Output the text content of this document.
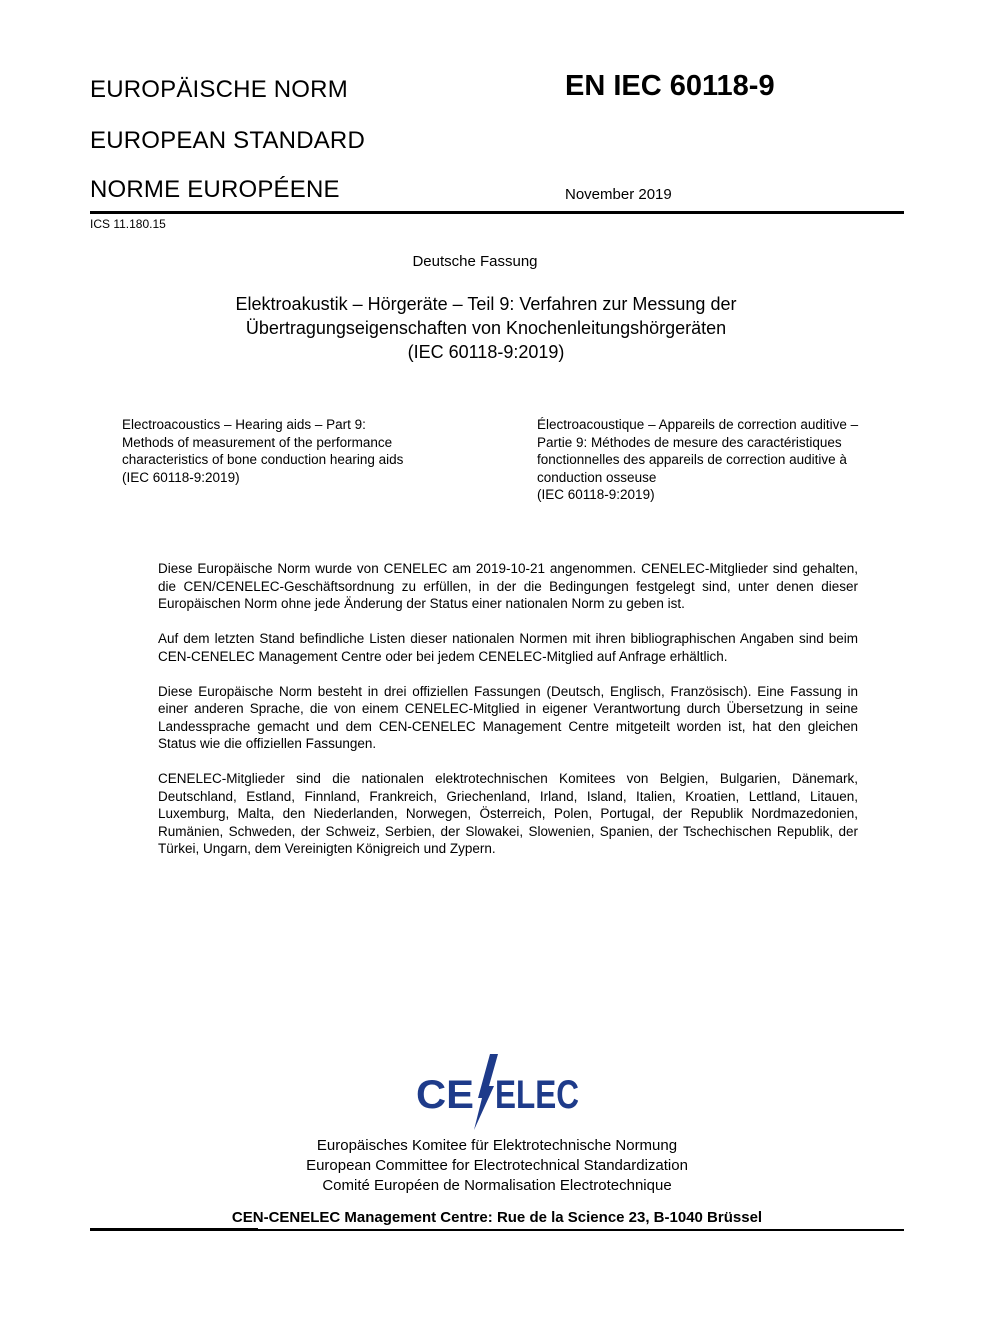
EUROPÄISCHE NORM
EUROPEAN STANDARD
NORME EUROPÉENE
EN IEC 60118-9
November 2019
ICS 11.180.15
Deutsche Fassung
Elektroakustik – Hörgeräte – Teil 9: Verfahren zur Messung der
Übertragungseigenschaften von Knochenleitungshörgeräten
(IEC 60118-9:2019)
Electroacoustics – Hearing aids – Part 9:
Methods of measurement of the performance
characteristics of bone conduction hearing aids
(IEC 60118-9:2019)
Électroacoustique – Appareils de correction auditive –
Partie 9: Méthodes de mesure des caractéristiques
fonctionnelles des appareils de correction auditive à
conduction osseuse
(IEC 60118-9:2019)

Diese Europäische Norm wurde von CENELEC am 2019-10-21 angenommen. CENELEC-Mitglieder sind gehalten, die CEN/CENELEC-Geschäftsordnung zu erfüllen, in der die Bedingungen festgelegt sind, unter denen dieser Europäischen Norm ohne jede Änderung der Status einer nationalen Norm zu geben ist.

Auf dem letzten Stand befindliche Listen dieser nationalen Normen mit ihren bibliographischen Angaben sind beim CEN-CENELEC Management Centre oder bei jedem CENELEC-Mitglied auf Anfrage erhältlich.

Diese Europäische Norm besteht in drei offiziellen Fassungen (Deutsch, Englisch, Französisch). Eine Fassung in einer anderen Sprache, die von einem CENELEC-Mitglied in eigener Verantwortung durch Übersetzung in seine Landessprache gemacht und dem CEN-CENELEC Management Centre mitgeteilt worden ist, hat den gleichen Status wie die offiziellen Fassungen.

CENELEC-Mitglieder sind die nationalen elektrotechnischen Komitees von Belgien, Bulgarien, Dänemark, Deutschland, Estland, Finnland, Frankreich, Griechenland, Irland, Island, Italien, Kroatien, Lettland, Litauen, Luxemburg, Malta, den Niederlanden, Norwegen, Österreich, Polen, Portugal, der Republik Nordmazedonien, Rumänien, Schweden, der Schweiz, Serbien, der Slowakei, Slowenien, Spanien, der Tschechischen Republik, der Türkei, Ungarn, dem Vereinigten Königreich und Zypern.

CE ELEC
Europäisches Komitee für Elektrotechnische Normung
European Committee for Electrotechnical Standardization
Comité Européen de Normalisation Electrotechnique
CEN-CENELEC Management Centre: Rue de la Science 23, B-1040 Brüssel
